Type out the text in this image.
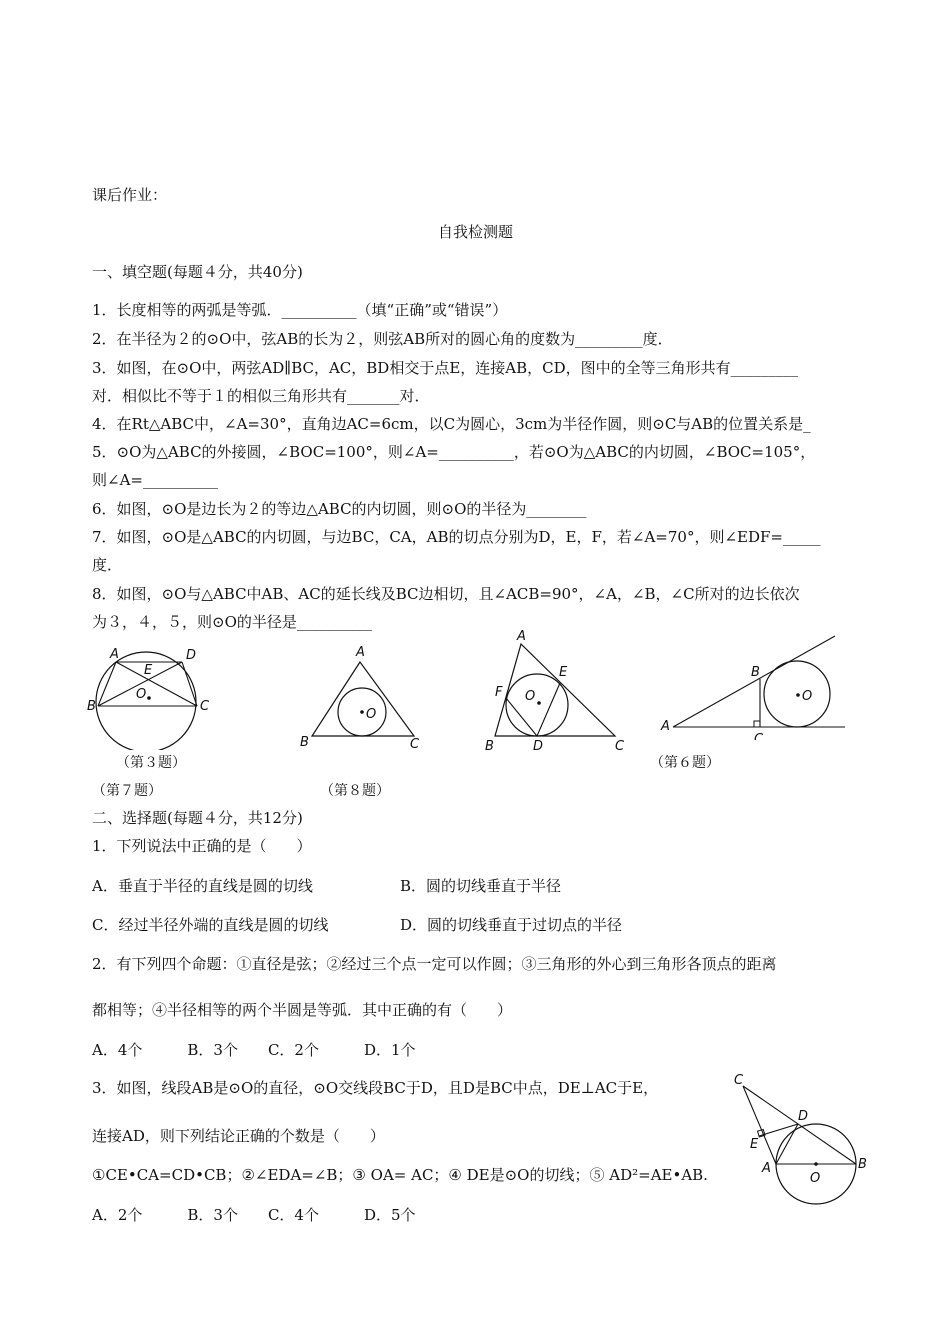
课后作业：
自我检测题
一、填空题(每题４分，共40分)
1．长度相等的两弧是等弧．__________（填“正确”或“错误”）
2．在半径为２的⊙O中，弦AB的长为２，则弦AB所对的圆心角的度数为_________度．
3．如图，在⊙O中，两弦AD∥BC，AC，BD相交于点E，连接AB，CD，图中的全等三角形共有_________
对．相似比不等于１的相似三角形共有_______对．
4．在Rt△ABC中，∠A=30°，直角边AC=6cm，以C为圆心，3cm为半径作圆，则⊙C与AB的位置关系是_
5．⊙O为△ABC的外接圆，∠BOC=100°，则∠A=__________，若⊙O为△ABC的内切圆，∠BOC=105°，
则∠A=__________
6．如图，⊙O是边长为２的等边△ABC的内切圆，则⊙O的半径为________
7．如图，⊙O是△ABC的内切圆，与边BC，CA，AB的切点分别为D，E，F，若∠A=70°，则∠EDF=_____
度．
8．如图，⊙O与△ABC中AB、AC的延长线及BC边相切，且∠ACB=90°，∠A，∠B，∠C所对的边长依次
为３，４，５，则⊙O的半径是__________
A	D
E
O
B	C
（第３题）
（第７题）
A
O
B	C
（第８题）
A
E
F O
B	D	C
B
O
A
C
（第６题）
二、选择题(每题４分，共12分)
1．下列说法中正确的是（　　）
A．垂直于半径的直线是圆的切线	B．圆的切线垂直于半径
C．经过半径外端的直线是圆的切线	D．圆的切线垂直于过切点的半径
2．有下列四个命题：①直径是弦；②经过三个点一定可以作圆；③三角形的外心到三角形各顶点的距离
都相等；④半径相等的两个半圆是等弧．其中正确的有（　　）
A．4个　　　B．3个　　C．2个　　　D．1个
3．如图，线段AB是⊙O的直径，⊙O交线段BC于D，且D是BC中点，DE⊥AC于E，
连接AD，则下列结论正确的个数是（　　）
①CE•CA=CD•CB；②∠EDA=∠B；③ OA= AC；④ DE是⊙O的切线；⑤ AD²=AE•AB.
A．2个　　　B．3个　　C．4个　　　D．5个
C
D
E
A
O
B
